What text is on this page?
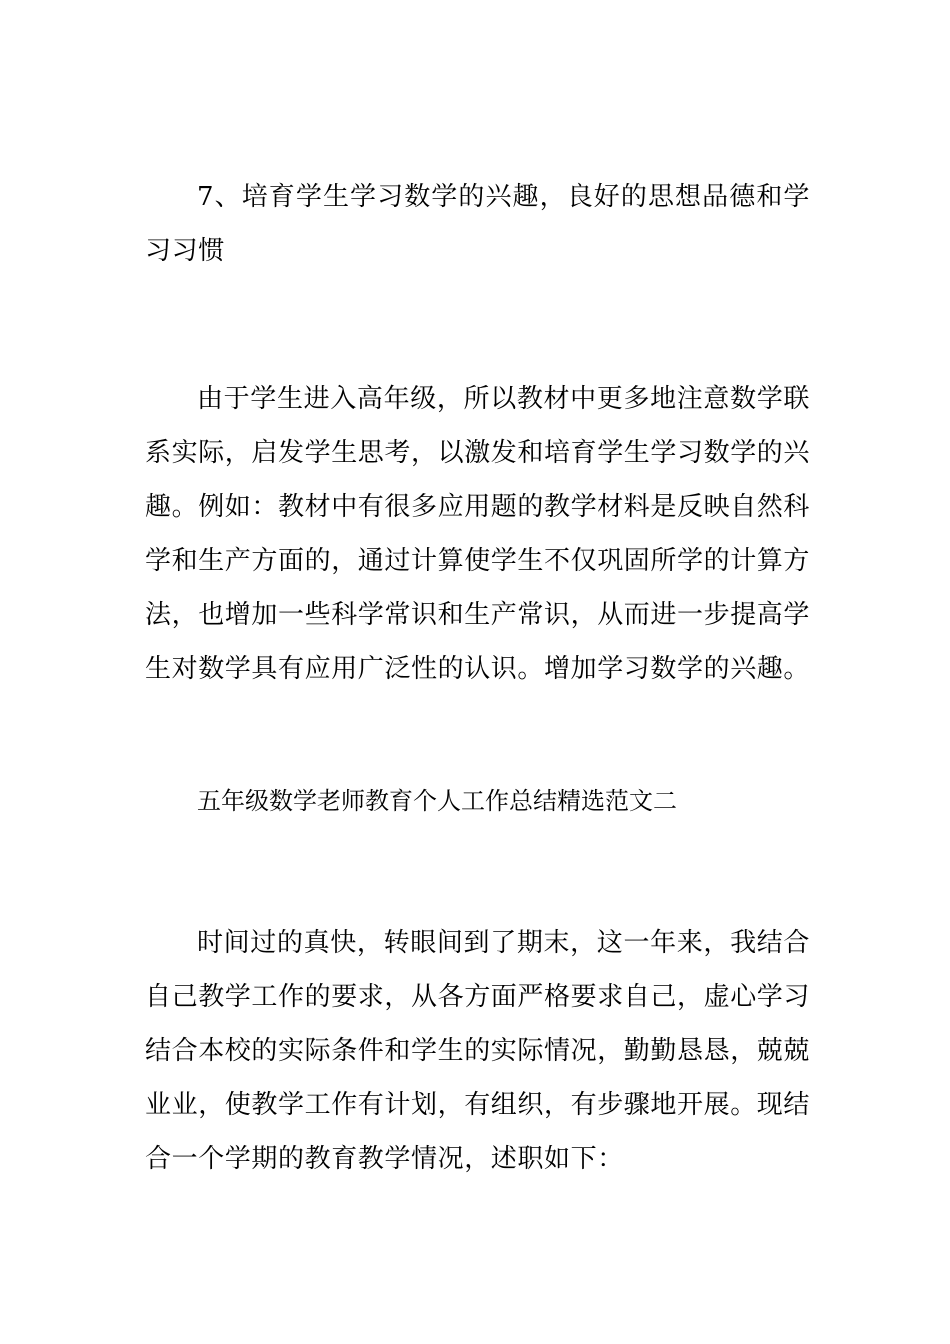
7、培育学生学习数学的兴趣，良好的思想品德和学习习惯

由于学生进入高年级，所以教材中更多地注意数学联系实际，启发学生思考，以激发和培育学生学习数学的兴趣。例如：教材中有很多应用题的教学材料是反映自然科学和生产方面的，通过计算使学生不仅巩固所学的计算方法，也增加一些科学常识和生产常识，从而进一步提高学生对数学具有应用广泛性的认识。增加学习数学的兴趣。

五年级数学老师教育个人工作总结精选范文二

时间过的真快，转眼间到了期末，这一年来，我结合自己教学工作的要求，从各方面严格要求自己，虚心学习结合本校的实际条件和学生的实际情况，勤勤恳恳，兢兢业业，使教学工作有计划，有组织，有步骤地开展。现结合一个学期的教育教学情况，述职如下：
